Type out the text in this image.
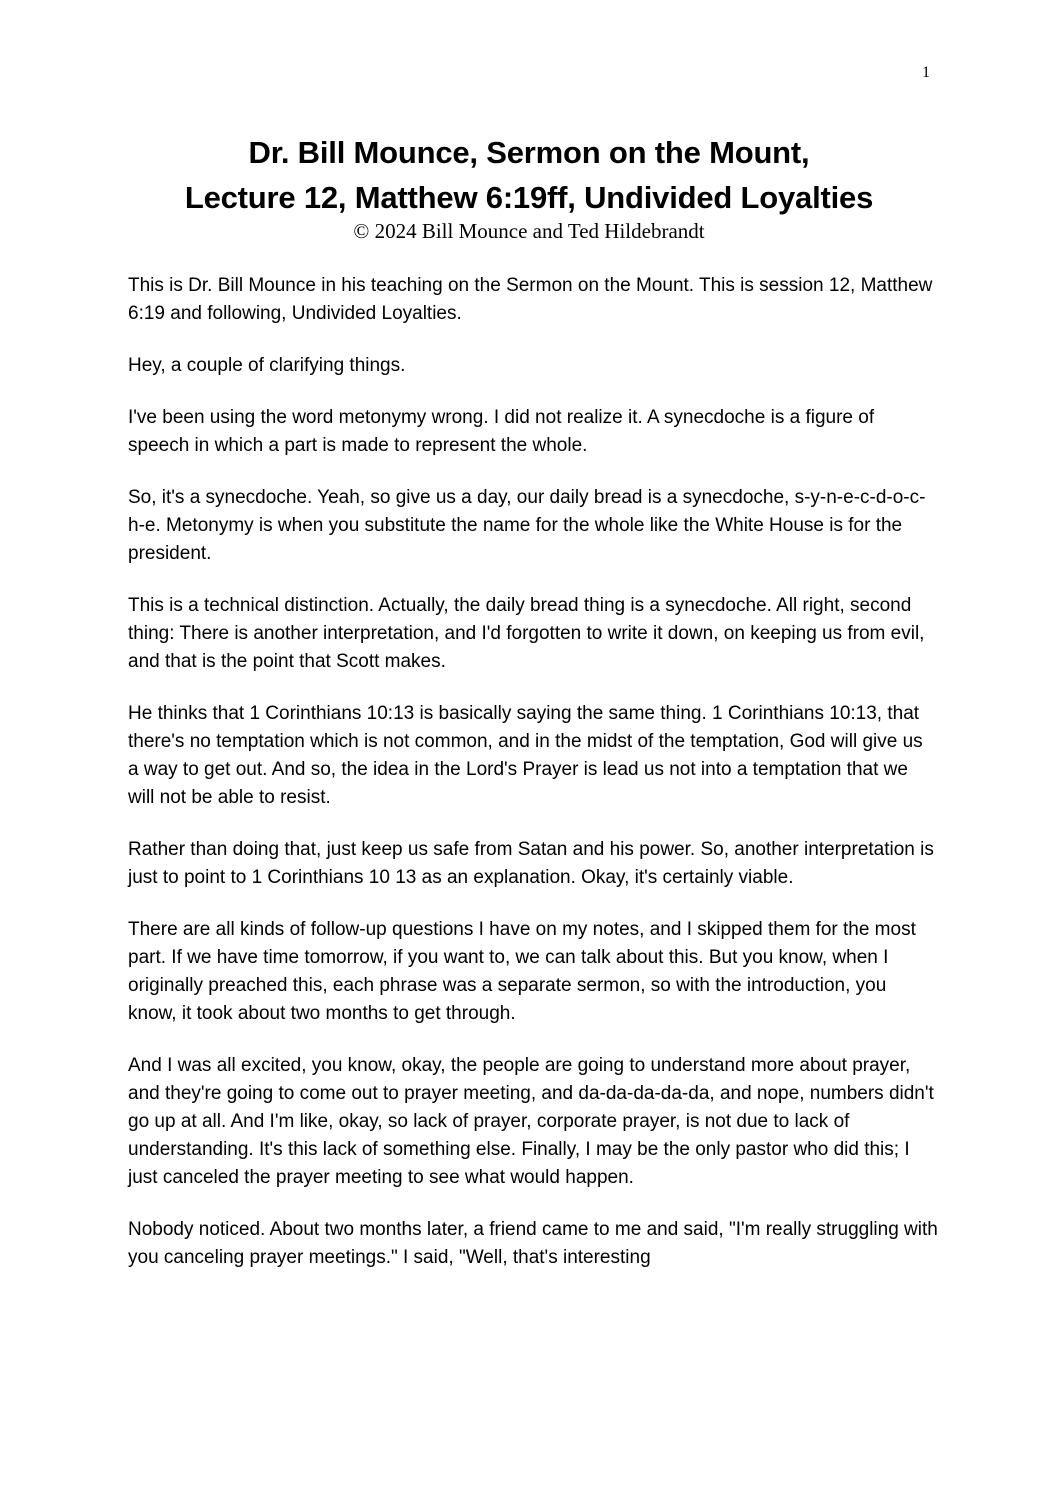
1
Dr. Bill Mounce, Sermon on the Mount,
Lecture 12, Matthew 6:19ff, Undivided Loyalties
© 2024 Bill Mounce and Ted Hildebrandt

This is Dr. Bill Mounce in his teaching on the Sermon on the Mount. This is session 12, Matthew 6:19 and following, Undivided Loyalties.

Hey, a couple of clarifying things.

I've been using the word metonymy wrong. I did not realize it. A synecdoche is a figure of speech in which a part is made to represent the whole.

So, it's a synecdoche. Yeah, so give us a day, our daily bread is a synecdoche, s-y-n-e-c-d-o-c-h-e. Metonymy is when you substitute the name for the whole like the White House is for the president.

This is a technical distinction. Actually, the daily bread thing is a synecdoche. All right, second thing: There is another interpretation, and I'd forgotten to write it down, on keeping us from evil, and that is the point that Scott makes.

He thinks that 1 Corinthians 10:13 is basically saying the same thing. 1 Corinthians 10:13, that there's no temptation which is not common, and in the midst of the temptation, God will give us a way to get out. And so, the idea in the Lord's Prayer is lead us not into a temptation that we will not be able to resist.

Rather than doing that, just keep us safe from Satan and his power. So, another interpretation is just to point to 1 Corinthians 10 13 as an explanation. Okay, it's certainly viable.

There are all kinds of follow-up questions I have on my notes, and I skipped them for the most part. If we have time tomorrow, if you want to, we can talk about this. But you know, when I originally preached this, each phrase was a separate sermon, so with the introduction, you know, it took about two months to get through.

And I was all excited, you know, okay, the people are going to understand more about prayer, and they're going to come out to prayer meeting, and da-da-da-da-da, and nope, numbers didn't go up at all. And I'm like, okay, so lack of prayer, corporate prayer, is not due to lack of understanding. It's this lack of something else. Finally, I may be the only pastor who did this; I just canceled the prayer meeting to see what would happen.

Nobody noticed. About two months later, a friend came to me and said, "I'm really struggling with you canceling prayer meetings." I said, "Well, that's interesting
